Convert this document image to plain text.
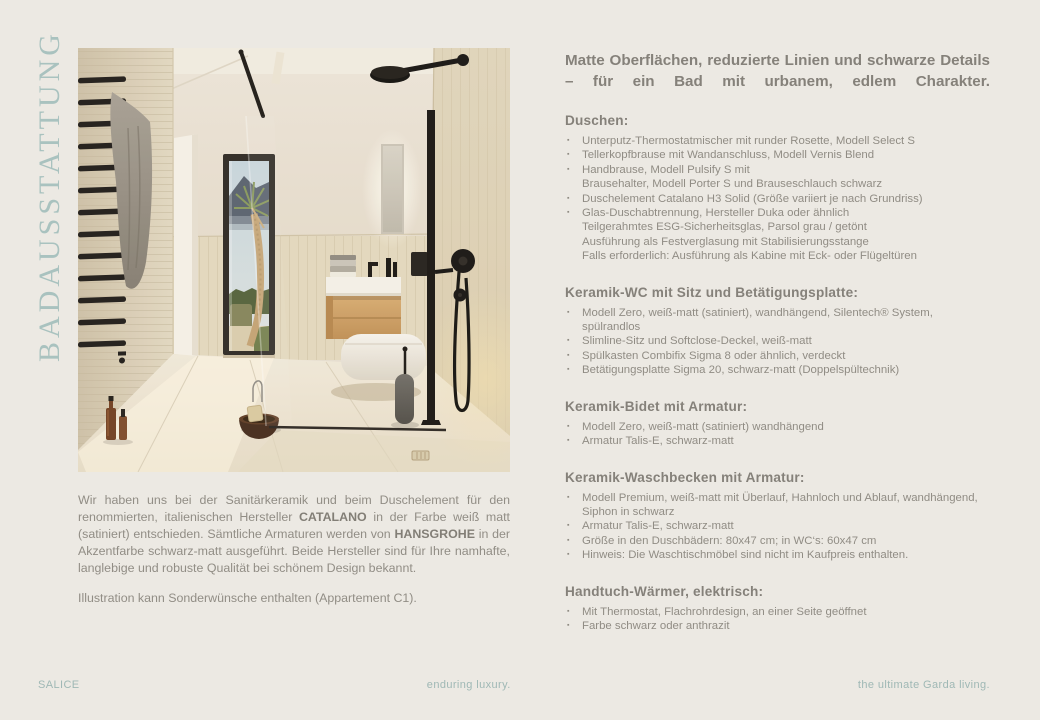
BADAUSSTATTUNG

Wir haben uns bei der Sanitärkeramik und beim Duschelement für den renommierten, italienischen Hersteller CATALANO in der Farbe weiß matt (satiniert) entschieden. Sämtliche Armaturen werden von HANSGROHE in der Akzentfarbe schwarz-matt ausgeführt. Beide Hersteller sind für Ihre namhafte, langlebige und robuste Qualität bei schönem Design bekannt.

Illustration kann Sonderwünsche enthalten (Appartement C1).

Matte Oberflächen, reduzierte Linien und schwarze Details – für ein Bad mit urbanem, edlem Charakter.
Duschen:
▪ Unterputz-Thermostatmischer mit runder Rosette, Modell Select S
▪ Tellerkopfbrause mit Wandanschluss, Modell Vernis Blend
▪ Handbrause, Modell Pulsify S mit
Brausehalter, Modell Porter S und Brauseschlauch schwarz
▪ Duschelement Catalano H3 Solid (Größe variiert je nach Grundriss)
▪ Glas-Duschabtrennung, Hersteller Duka oder ähnlich
Teilgerahmtes ESG-Sicherheitsglas, Parsol grau / getönt
Ausführung als Festverglasung mit Stabilisierungsstange
Falls erforderlich: Ausführung als Kabine mit Eck- oder Flügeltüren
Keramik-WC mit Sitz und Betätigungsplatte:
▪ Modell Zero, weiß-matt (satiniert), wandhängend, Silentech® System, spülrandlos
▪ Slimline-Sitz und Softclose-Deckel, weiß-matt
▪ Spülkasten Combifix Sigma 8 oder ähnlich, verdeckt
▪ Betätigungsplatte Sigma 20, schwarz-matt (Doppelspültechnik)
Keramik-Bidet mit Armatur:
▪ Modell Zero, weiß-matt (satiniert) wandhängend
▪ Armatur Talis-E, schwarz-matt
Keramik-Waschbecken mit Armatur:
▪ Modell Premium, weiß-matt mit Überlauf, Hahnloch und Ablauf, wandhängend,
Siphon in schwarz
▪ Armatur Talis-E, schwarz-matt
▪ Größe in den Duschbädern: 80x47 cm; in WC‘s: 60x47 cm
▪ Hinweis: Die Waschtischmöbel sind nicht im Kaufpreis enthalten.
Handtuch-Wärmer, elektrisch:
▪ Mit Thermostat, Flachrohrdesign, an einer Seite geöffnet
▪ Farbe schwarz oder anthrazit
SALICE	enduring luxury.	the ultimate Garda living.
